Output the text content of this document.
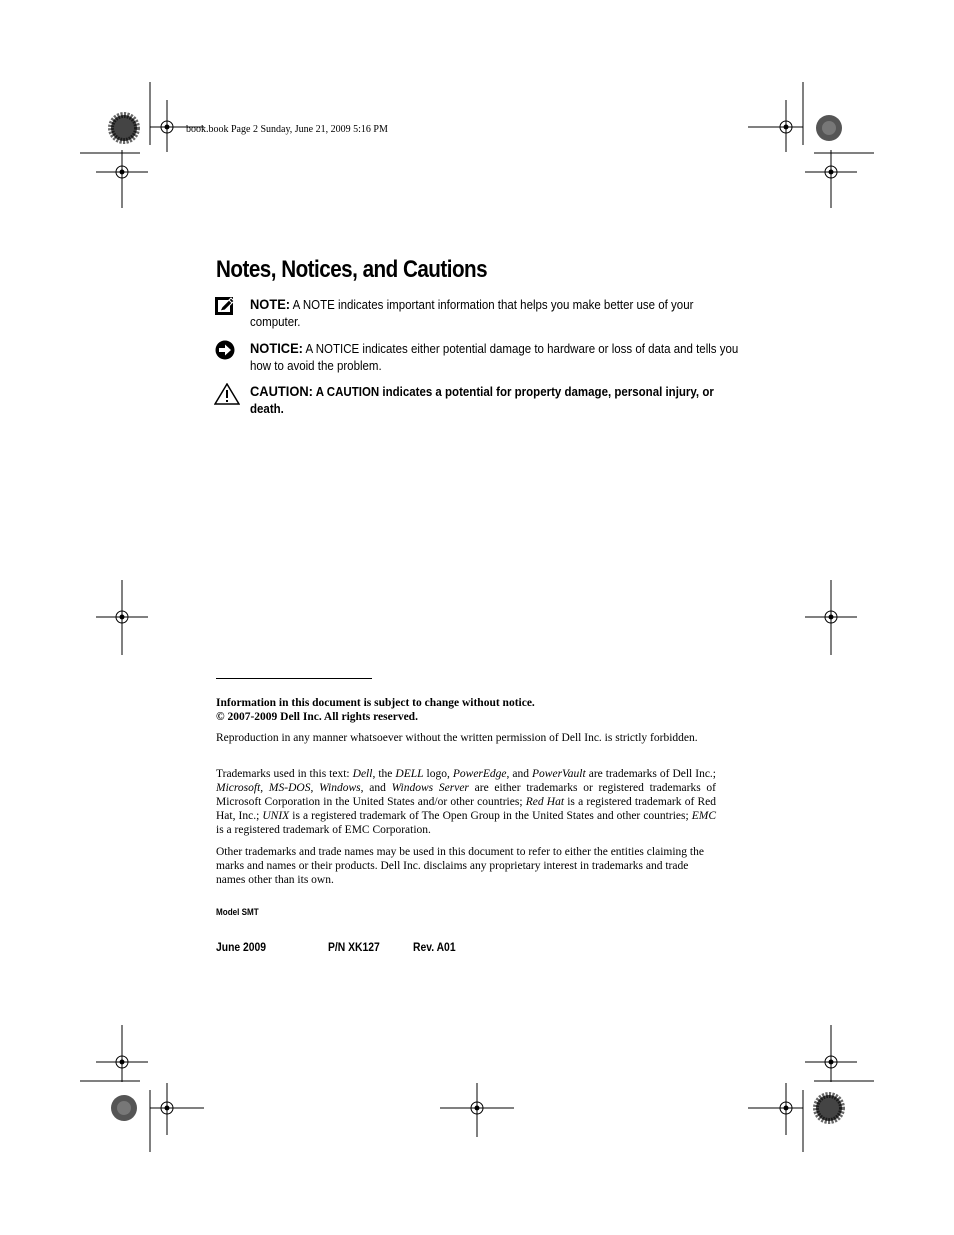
book.book Page 2 Sunday, June 21, 2009 5:16 PM
Notes, Notices, and Cautions
NOTE: A NOTE indicates important information that helps you make better use of your computer.
NOTICE: A NOTICE indicates either potential damage to hardware or loss of data and tells you how to avoid the problem.
CAUTION: A CAUTION indicates a potential for property damage, personal injury, or death.

Information in this document is subject to change without notice.

© 2007-2009 Dell Inc. All rights reserved.

Reproduction in any manner whatsoever without the written permission of Dell Inc. is strictly forbidden.

Trademarks used in this text: Dell, the DELL logo, PowerEdge, and PowerVault are trademarks of Dell Inc.; Microsoft, MS-DOS, Windows, and Windows Server are either trademarks or registered trademarks of Microsoft Corporation in the United States and/or other countries; Red Hat is a registered trademark of Red Hat, Inc.; UNIX is a registered trademark of The Open Group in the United States and other countries; EMC is a registered trademark of EMC Corporation.

Other trademarks and trade names may be used in this document to refer to either the entities claiming the marks and names or their products. Dell Inc. disclaims any proprietary interest in trademarks and trade names other than its own.

Model SMT
June 2009	P/N XK127	Rev. A01
